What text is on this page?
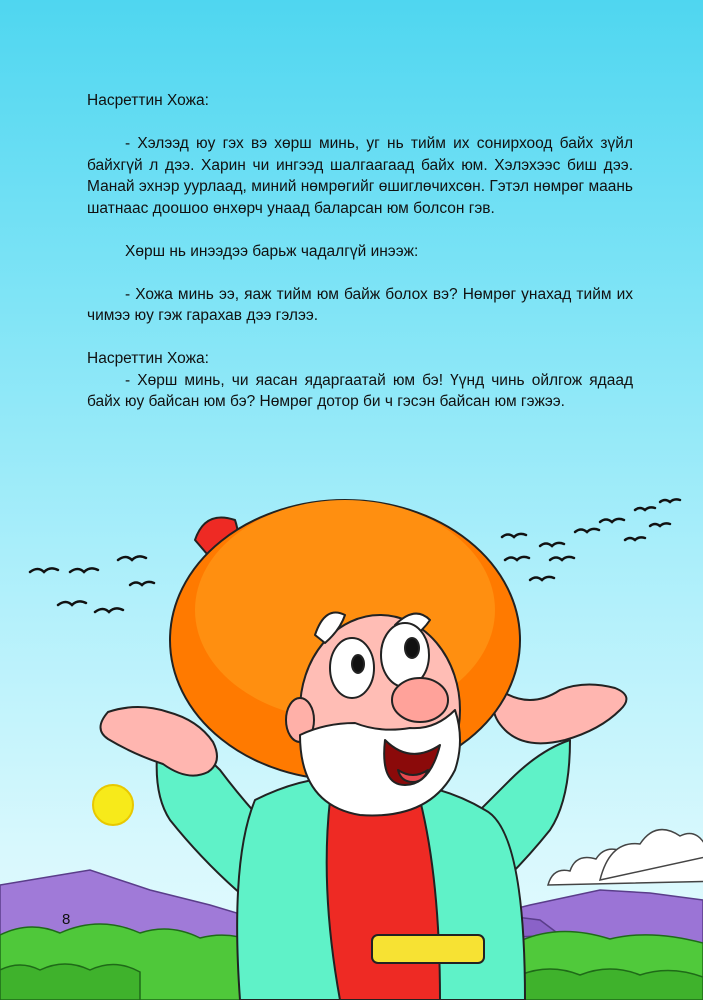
Насреттин Хожа:

- Хэлээд юу гэх вэ хөрш минь, уг нь тийм их сонирхоод байх зүйл байхгүй л дээ. Харин чи ингээд шалгаагаад байх юм. Хэлэхээс биш дээ. Манай эхнэр уурлаад, миний нөмрөгийг өшиглөчихсөн. Гэтэл нөмрөг маань шатнаас доошоо өнхөрч унаад баларсан юм болсон гэв.

Хөрш нь инээдээ барьж чадалгүй инээж:

- Хожа минь ээ, яаж тийм юм байж болох вэ? Нөмрөг унахад тийм их чимээ юу гэж гарахав дээ гэлээ.

Насреттин Хожа:

- Хөрш минь, чи яасан ядаргаатай юм бэ! Үүнд чинь ойлгож ядаад байх юу байсан юм бэ? Нөмрөг дотор би ч гэсэн байсан юм гэжээ.

8
